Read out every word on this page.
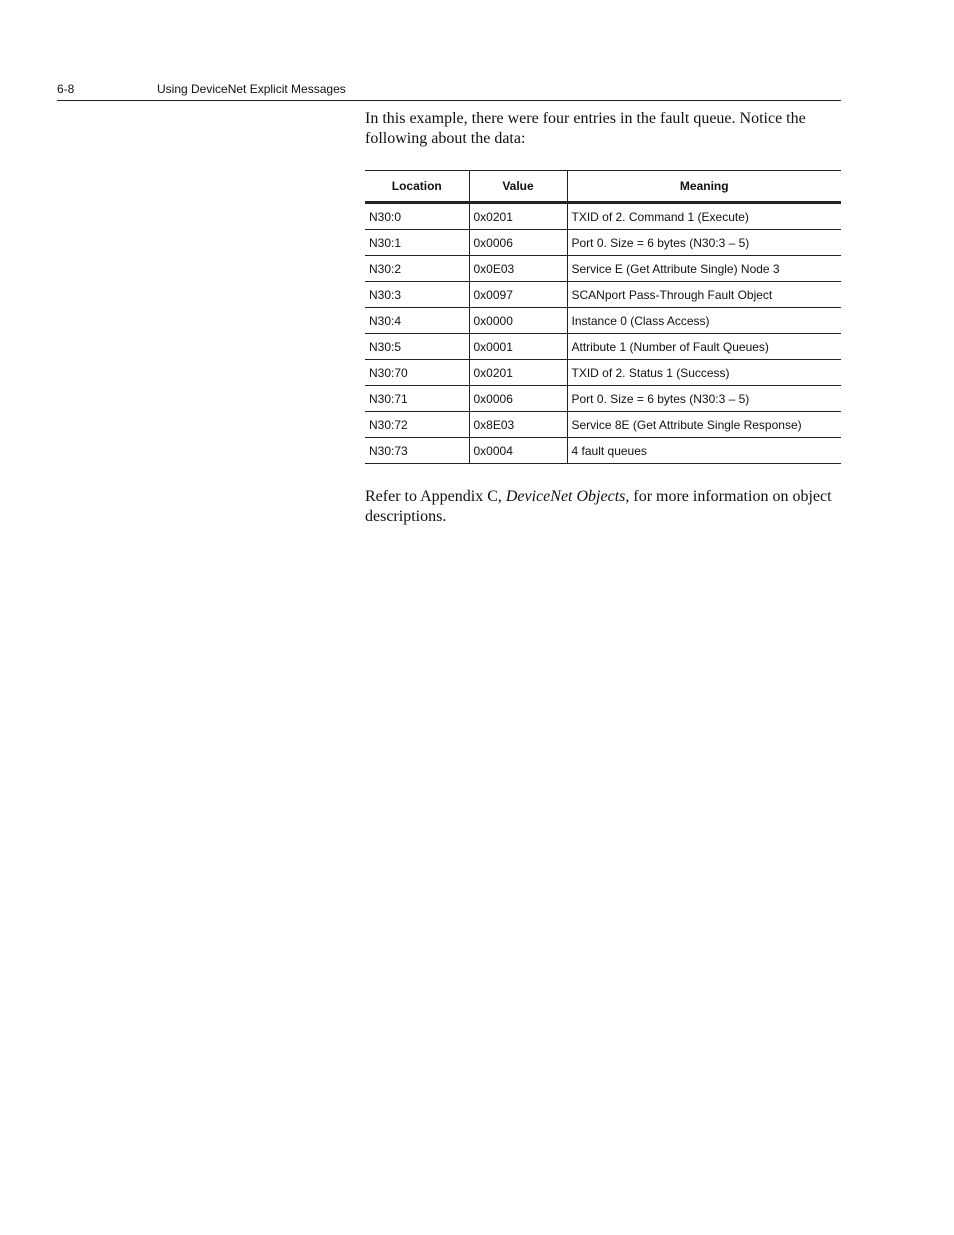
6-8	Using DeviceNet Explicit Messages

In this example, there were four entries in the fault queue. Notice the following about the data:

Location	Value	Meaning
N30:0	0x0201	TXID of 2. Command 1 (Execute)
N30:1	0x0006	Port 0. Size = 6 bytes (N30:3 – 5)
N30:2	0x0E03	Service E (Get Attribute Single) Node 3
N30:3	0x0097	SCANport Pass-Through Fault Object
N30:4	0x0000	Instance 0 (Class Access)
N30:5	0x0001	Attribute 1 (Number of Fault Queues)
N30:70	0x0201	TXID of 2. Status 1 (Success)
N30:71	0x0006	Port 0. Size = 6 bytes (N30:3 – 5)
N30:72	0x8E03	Service 8E (Get Attribute Single Response)
N30:73	0x0004	4 fault queues

Refer to Appendix C, DeviceNet Objects, for more information on object descriptions.
